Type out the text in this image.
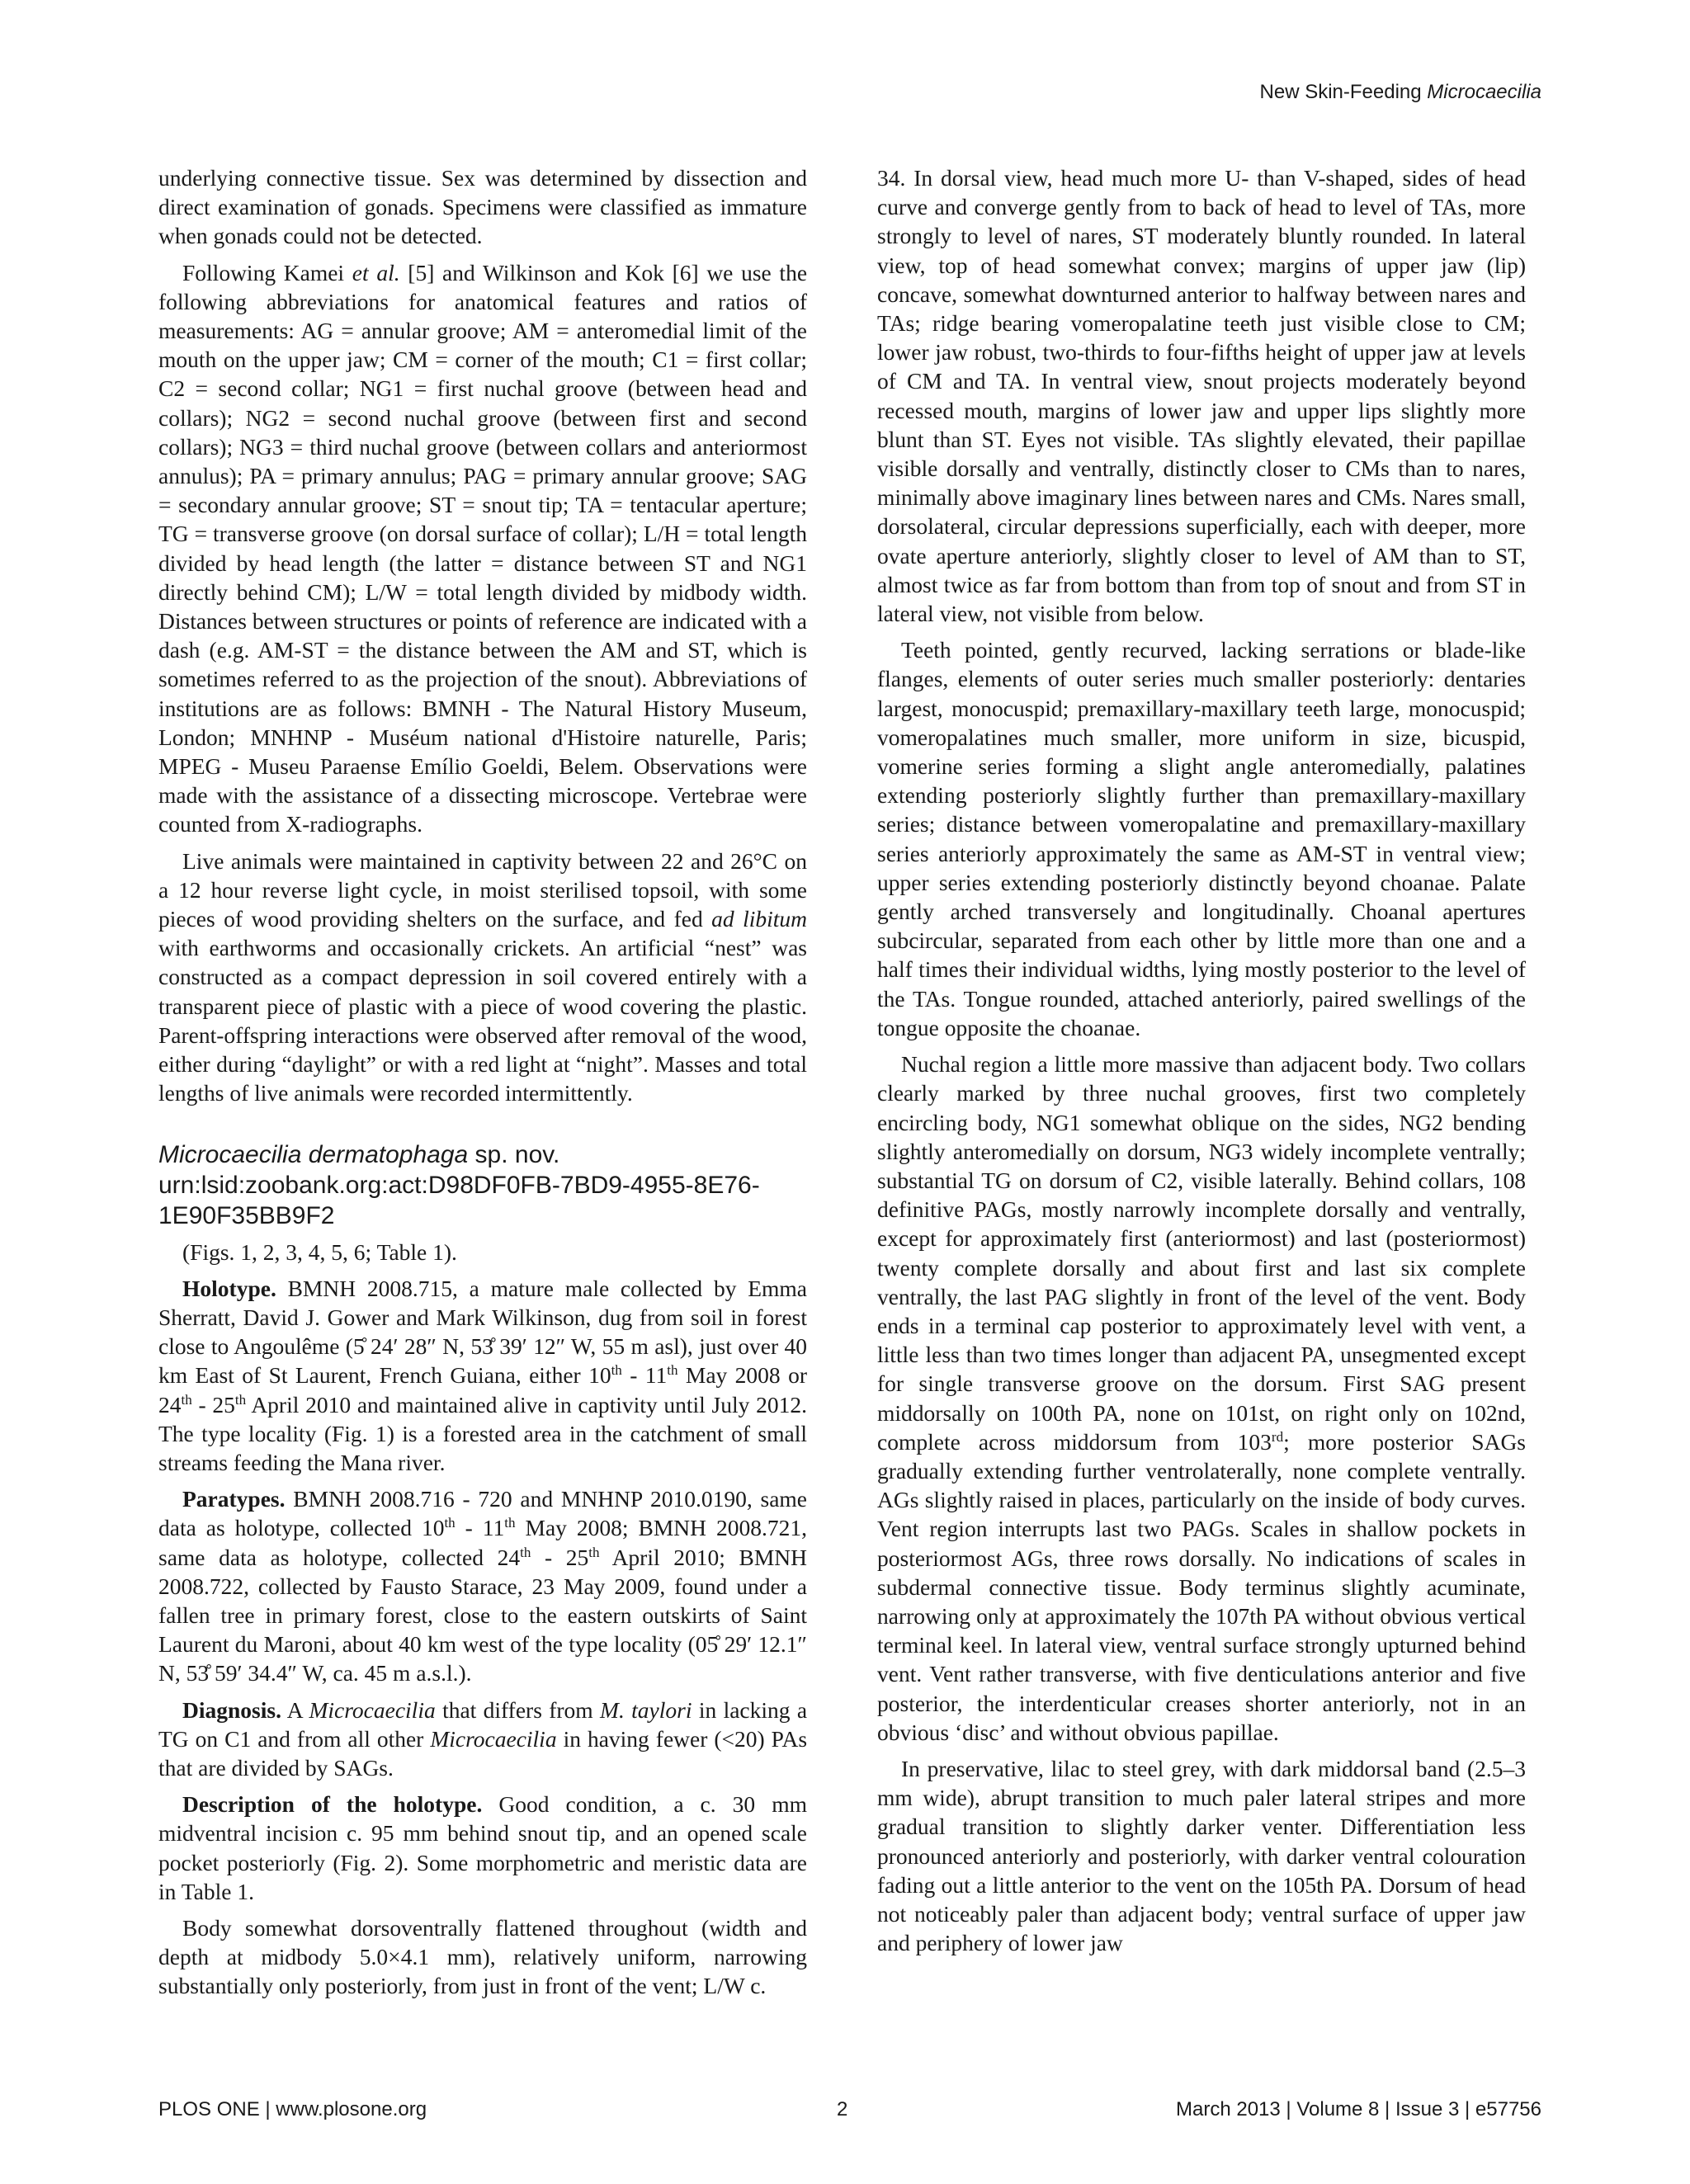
New Skin-Feeding Microcaecilia

underlying connective tissue. Sex was determined by dissection and direct examination of gonads. Specimens were classified as immature when gonads could not be detected.

Following Kamei et al. [5] and Wilkinson and Kok [6] we use the following abbreviations for anatomical features and ratios of measurements: AG = annular groove; AM = anteromedial limit of the mouth on the upper jaw; CM = corner of the mouth; C1 = first collar; C2 = second collar; NG1 = first nuchal groove (between head and collars); NG2 = second nuchal groove (between first and second collars); NG3 = third nuchal groove (between collars and anteriormost annulus); PA = primary annulus; PAG = primary annular groove; SAG = secondary annular groove; ST = snout tip; TA = tentacular aperture; TG = transverse groove (on dorsal surface of collar); L/H = total length divided by head length (the latter = distance between ST and NG1 directly behind CM); L/W = total length divided by midbody width. Distances between structures or points of reference are indicated with a dash (e.g. AM-ST = the distance between the AM and ST, which is sometimes referred to as the projection of the snout). Abbreviations of institutions are as follows: BMNH - The Natural History Museum, London; MNHNP - Muséum national d'Histoire naturelle, Paris; MPEG - Museu Paraense Emílio Goeldi, Belem. Observations were made with the assistance of a dissecting microscope. Vertebrae were counted from X-radiographs.

Live animals were maintained in captivity between 22 and 26°C on a 12 hour reverse light cycle, in moist sterilised topsoil, with some pieces of wood providing shelters on the surface, and fed ad libitum with earthworms and occasionally crickets. An artificial “nest” was constructed as a compact depression in soil covered entirely with a transparent piece of plastic with a piece of wood covering the plastic. Parent-offspring interactions were observed after removal of the wood, either during “daylight” or with a red light at “night”. Masses and total lengths of live animals were recorded intermittently.

Microcaecilia dermatophaga sp. nov.
urn:lsid:zoobank.org:act:D98DF0FB-7BD9-4955-8E76-
1E90F35BB9F2

(Figs. 1, 2, 3, 4, 5, 6; Table 1).

Holotype. BMNH 2008.715, a mature male collected by Emma Sherratt, David J. Gower and Mark Wilkinson, dug from soil in forest close to Angoulême (5̊ 24′ 28″ N, 53̊ 39′ 12″ W, 55 m asl), just over 40 km East of St Laurent, French Guiana, either 10th - 11th May 2008 or 24th - 25th April 2010 and maintained alive in captivity until July 2012. The type locality (Fig. 1) is a forested area in the catchment of small streams feeding the Mana river.

Paratypes. BMNH 2008.716 - 720 and MNHNP 2010.0190, same data as holotype, collected 10th - 11th May 2008; BMNH 2008.721, same data as holotype, collected 24th - 25th April 2010; BMNH 2008.722, collected by Fausto Starace, 23 May 2009, found under a fallen tree in primary forest, close to the eastern outskirts of Saint Laurent du Maroni, about 40 km west of the type locality (05̊ 29′ 12.1″ N, 53̊ 59′ 34.4″ W, ca. 45 m a.s.l.).

Diagnosis. A Microcaecilia that differs from M. taylori in lacking a TG on C1 and from all other Microcaecilia in having fewer (<20) PAs that are divided by SAGs.

Description of the holotype. Good condition, a c. 30 mm midventral incision c. 95 mm behind snout tip, and an opened scale pocket posteriorly (Fig. 2). Some morphometric and meristic data are in Table 1.

Body somewhat dorsoventrally flattened throughout (width and depth at midbody 5.0×4.1 mm), relatively uniform, narrowing substantially only posteriorly, from just in front of the vent; L/W c.

34. In dorsal view, head much more U- than V-shaped, sides of head curve and converge gently from to back of head to level of TAs, more strongly to level of nares, ST moderately bluntly rounded. In lateral view, top of head somewhat convex; margins of upper jaw (lip) concave, somewhat downturned anterior to halfway between nares and TAs; ridge bearing vomeropalatine teeth just visible close to CM; lower jaw robust, two-thirds to four-fifths height of upper jaw at levels of CM and TA. In ventral view, snout projects moderately beyond recessed mouth, margins of lower jaw and upper lips slightly more blunt than ST. Eyes not visible. TAs slightly elevated, their papillae visible dorsally and ventrally, distinctly closer to CMs than to nares, minimally above imaginary lines between nares and CMs. Nares small, dorsolateral, circular depressions superficially, each with deeper, more ovate aperture anteriorly, slightly closer to level of AM than to ST, almost twice as far from bottom than from top of snout and from ST in lateral view, not visible from below.

Teeth pointed, gently recurved, lacking serrations or blade-like flanges, elements of outer series much smaller posteriorly: dentaries largest, monocuspid; premaxillary-maxillary teeth large, monocuspid; vomeropalatines much smaller, more uniform in size, bicuspid, vomerine series forming a slight angle anteromedially, palatines extending posteriorly slightly further than premaxillary-maxillary series; distance between vomeropalatine and premaxillary-maxillary series anteriorly approximately the same as AM-ST in ventral view; upper series extending posteriorly distinctly beyond choanae. Palate gently arched transversely and longitudinally. Choanal apertures subcircular, separated from each other by little more than one and a half times their individual widths, lying mostly posterior to the level of the TAs. Tongue rounded, attached anteriorly, paired swellings of the tongue opposite the choanae.

Nuchal region a little more massive than adjacent body. Two collars clearly marked by three nuchal grooves, first two completely encircling body, NG1 somewhat oblique on the sides, NG2 bending slightly anteromedially on dorsum, NG3 widely incomplete ventrally; substantial TG on dorsum of C2, visible laterally. Behind collars, 108 definitive PAGs, mostly narrowly incomplete dorsally and ventrally, except for approximately first (anteriormost) and last (posteriormost) twenty complete dorsally and about first and last six complete ventrally, the last PAG slightly in front of the level of the vent. Body ends in a terminal cap posterior to approximately level with vent, a little less than two times longer than adjacent PA, unsegmented except for single transverse groove on the dorsum. First SAG present middorsally on 100th PA, none on 101st, on right only on 102nd, complete across middorsum from 103rd; more posterior SAGs gradually extending further ventrolaterally, none complete ventrally. AGs slightly raised in places, particularly on the inside of body curves. Vent region interrupts last two PAGs. Scales in shallow pockets in posteriormost AGs, three rows dorsally. No indications of scales in subdermal connective tissue. Body terminus slightly acuminate, narrowing only at approximately the 107th PA without obvious vertical terminal keel. In lateral view, ventral surface strongly upturned behind vent. Vent rather transverse, with five denticulations anterior and five posterior, the interdenticular creases shorter anteriorly, not in an obvious ‘disc’ and without obvious papillae.

In preservative, lilac to steel grey, with dark middorsal band (2.5–3 mm wide), abrupt transition to much paler lateral stripes and more gradual transition to slightly darker venter. Differentiation less pronounced anteriorly and posteriorly, with darker ventral colouration fading out a little anterior to the vent on the 105th PA. Dorsum of head not noticeably paler than adjacent body; ventral surface of upper jaw and periphery of lower jaw

PLOS ONE | www.plosone.org	2	March 2013 | Volume 8 | Issue 3 | e57756
